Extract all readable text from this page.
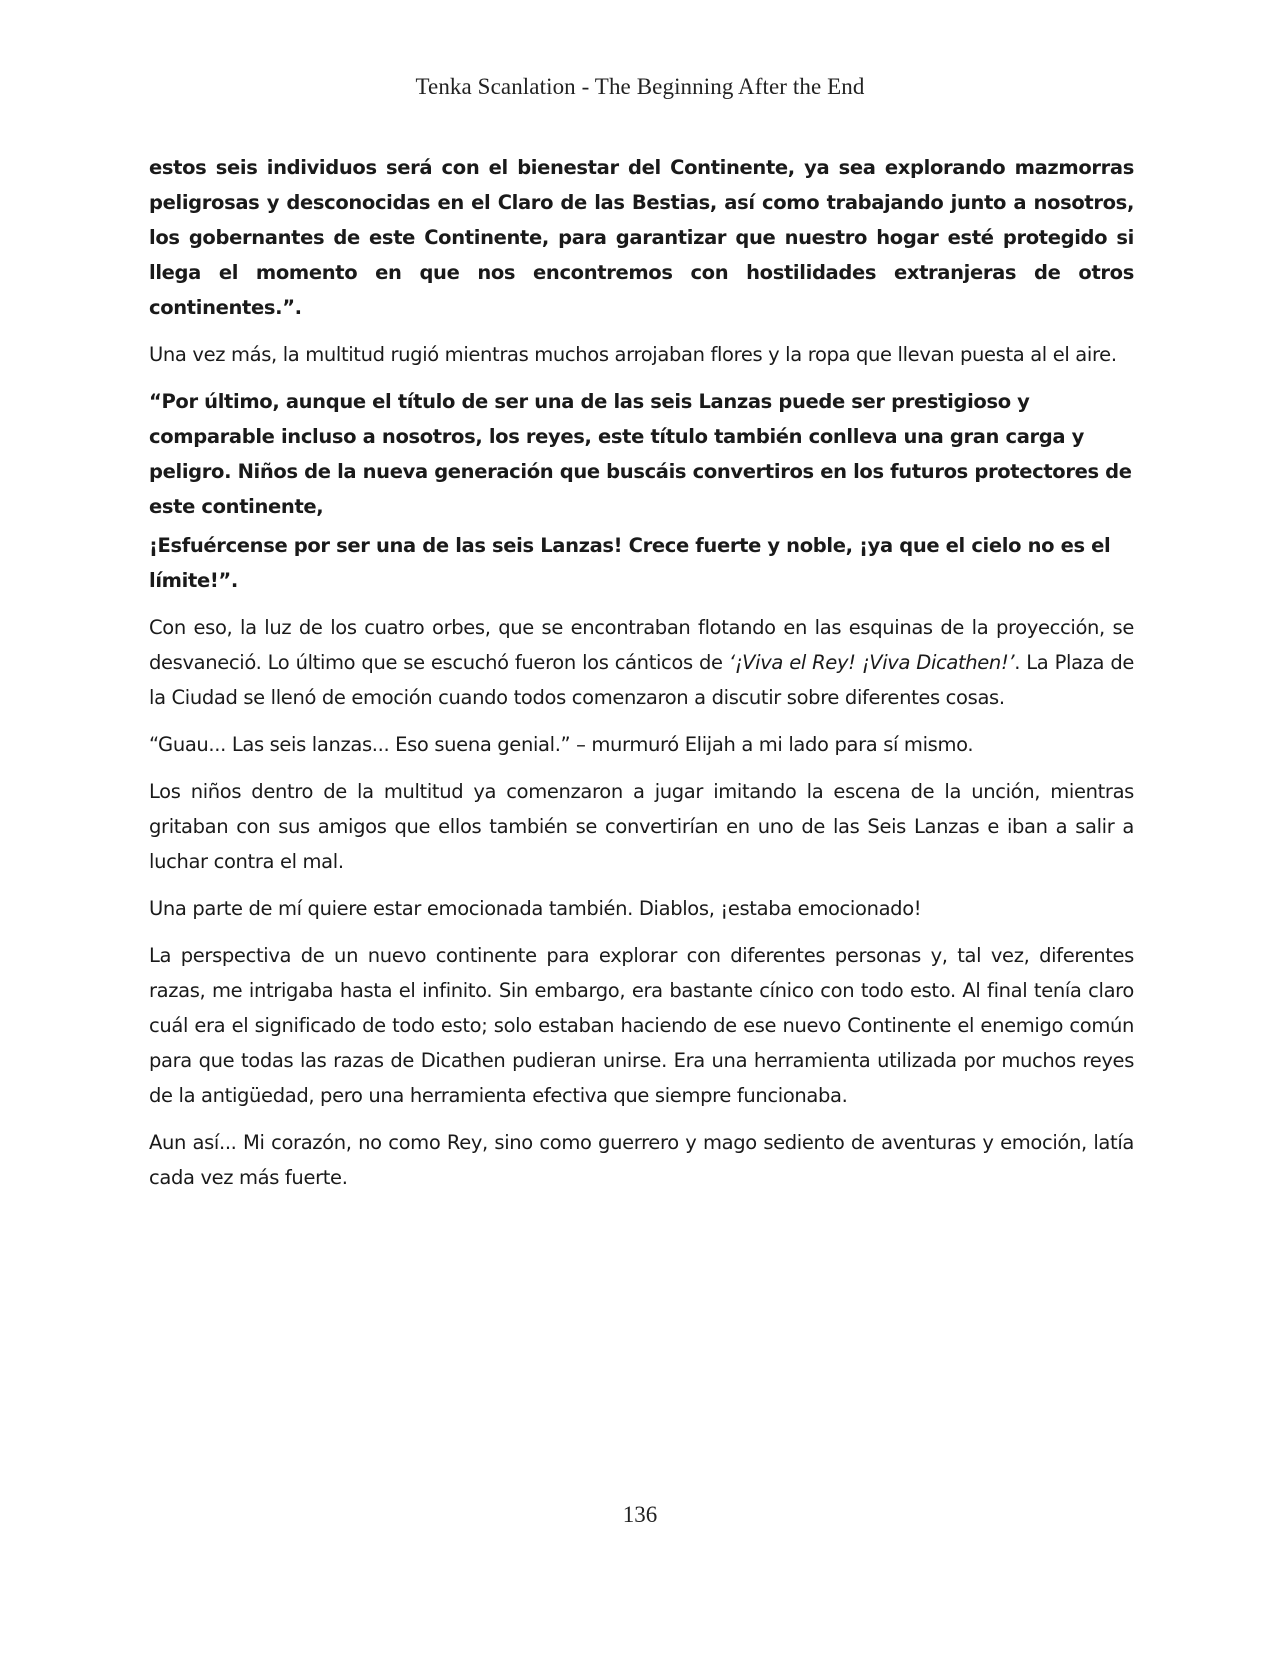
Tenka Scanlation - The Beginning After the End

estos seis individuos será con el bienestar del Continente, ya sea explorando mazmorras peligrosas y desconocidas en el Claro de las Bestias, así como trabajando junto a nosotros, los gobernantes de este Continente, para garantizar que nuestro hogar esté protegido si llega el momento en que nos encontremos con hostilidades extranjeras de otros continentes.”.

Una vez más, la multitud rugió mientras muchos arrojaban flores y la ropa que llevan puesta al el aire.

“Por último, aunque el título de ser una de las seis Lanzas puede ser prestigioso y comparable incluso a nosotros, los reyes, este título también conlleva una gran carga y peligro. Niños de la nueva generación que buscáis convertiros en los futuros protectores de este continente,

¡Esfuércense por ser una de las seis Lanzas! Crece fuerte y noble, ¡ya que el cielo no es el límite!”.

Con eso, la luz de los cuatro orbes, que se encontraban flotando en las esquinas de la proyección, se desvaneció. Lo último que se escuchó fueron los cánticos de ‘¡Viva el Rey! ¡Viva Dicathen!’. La Plaza de la Ciudad se llenó de emoción cuando todos comenzaron a discutir sobre diferentes cosas.

“Guau... Las seis lanzas... Eso suena genial.” – murmuró Elijah a mi lado para sí mismo.

Los niños dentro de la multitud ya comenzaron a jugar imitando la escena de la unción, mientras gritaban con sus amigos que ellos también se convertirían en uno de las Seis Lanzas e iban a salir a luchar contra el mal.

Una parte de mí quiere estar emocionada también. Diablos, ¡estaba emocionado!

La perspectiva de un nuevo continente para explorar con diferentes personas y, tal vez, diferentes razas, me intrigaba hasta el infinito. Sin embargo, era bastante cínico con todo esto. Al final tenía claro cuál era el significado de todo esto; solo estaban haciendo de ese nuevo Continente el enemigo común para que todas las razas de Dicathen pudieran unirse. Era una herramienta utilizada por muchos reyes de la antigüedad, pero una herramienta efectiva que siempre funcionaba.

Aun así... Mi corazón, no como Rey, sino como guerrero y mago sediento de aventuras y emoción, latía cada vez más fuerte.

136
